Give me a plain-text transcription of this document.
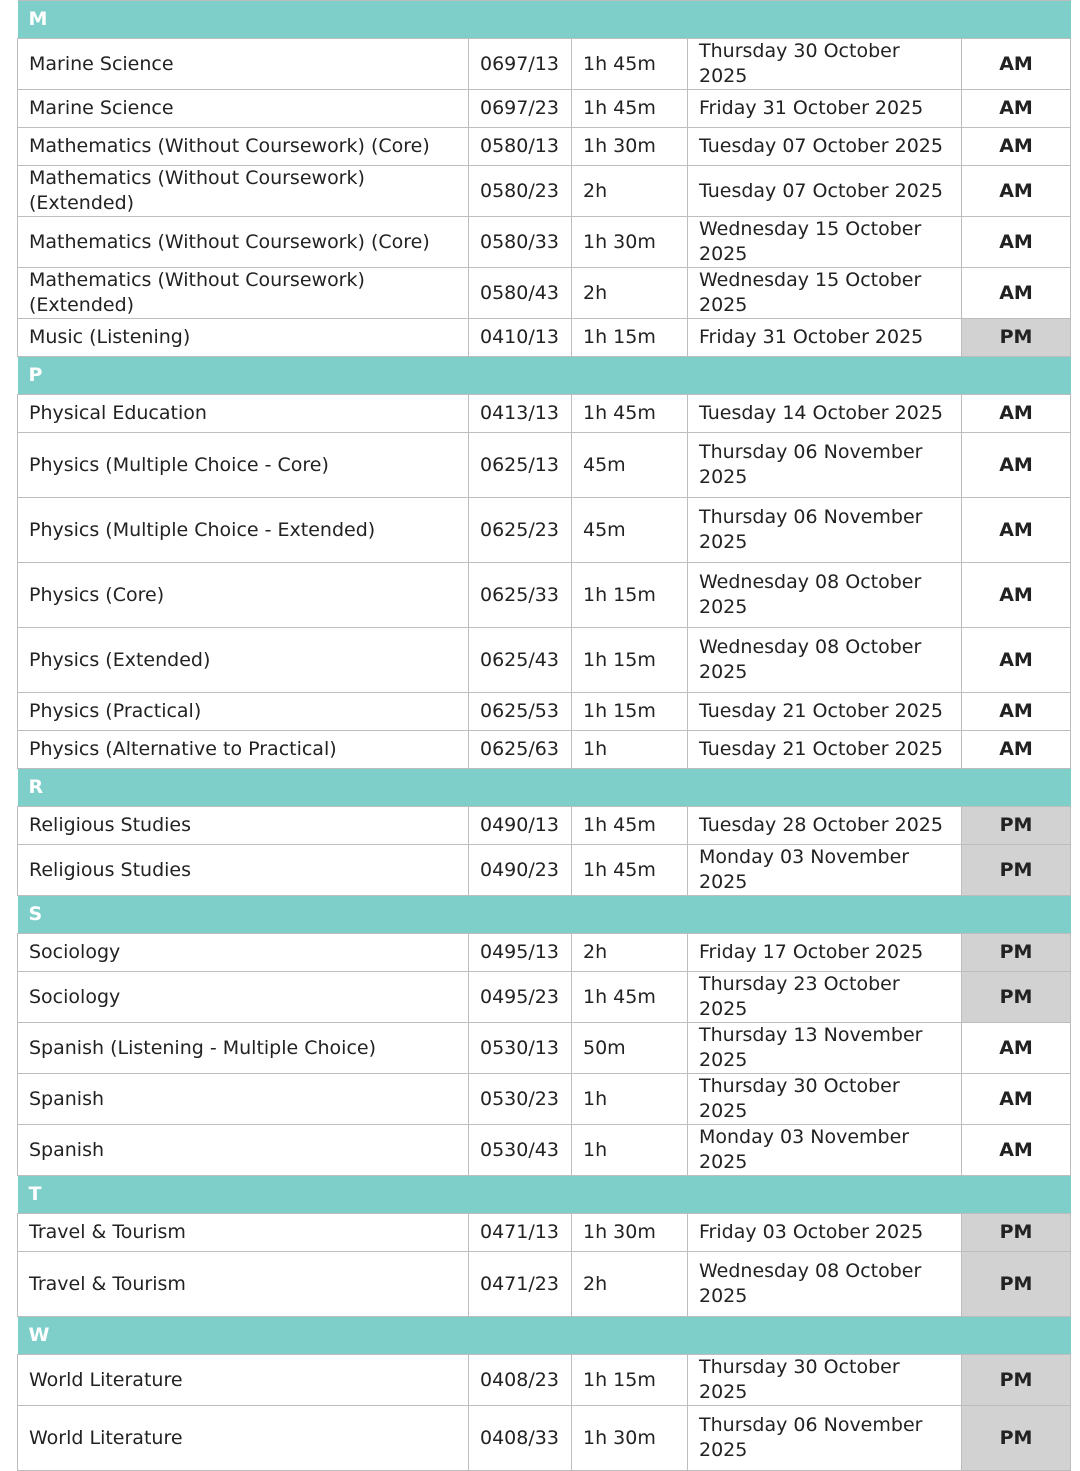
M				
Marine Science	0697/13	1h 45m	Thursday 30 October 2025	AM
Marine Science	0697/23	1h 45m	Friday 31 October 2025	AM
Mathematics (Without Coursework) (Core)	0580/13	1h 30m	Tuesday 07 October 2025	AM
Mathematics (Without Coursework) (Extended)	0580/23	2h	Tuesday 07 October 2025	AM
Mathematics (Without Coursework) (Core)	0580/33	1h 30m	Wednesday 15 October 2025	AM
Mathematics (Without Coursework) (Extended)	0580/43	2h	Wednesday 15 October 2025	AM
Music (Listening)	0410/13	1h 15m	Friday 31 October 2025	PM
P				
Physical Education	0413/13	1h 45m	Tuesday 14 October 2025	AM
Physics (Multiple Choice - Core)	0625/13	45m	Thursday 06 November 2025	AM
Physics (Multiple Choice - Extended)	0625/23	45m	Thursday 06 November 2025	AM
Physics (Core)	0625/33	1h 15m	Wednesday 08 October 2025	AM
Physics (Extended)	0625/43	1h 15m	Wednesday 08 October 2025	AM
Physics (Practical)	0625/53	1h 15m	Tuesday 21 October 2025	AM
Physics (Alternative to Practical)	0625/63	1h	Tuesday 21 October 2025	AM
R				
Religious Studies	0490/13	1h 45m	Tuesday 28 October 2025	PM
Religious Studies	0490/23	1h 45m	Monday 03 November 2025	PM
S				
Sociology	0495/13	2h	Friday 17 October 2025	PM
Sociology	0495/23	1h 45m	Thursday 23 October 2025	PM
Spanish (Listening - Multiple Choice)	0530/13	50m	Thursday 13 November 2025	AM
Spanish	0530/23	1h	Thursday 30 October 2025	AM
Spanish	0530/43	1h	Monday 03 November 2025	AM
T				
Travel & Tourism	0471/13	1h 30m	Friday 03 October 2025	PM
Travel & Tourism	0471/23	2h	Wednesday 08 October 2025	PM
W				
World Literature	0408/23	1h 15m	Thursday 30 October 2025	PM
World Literature	0408/33	1h 30m	Thursday 06 November 2025	PM
